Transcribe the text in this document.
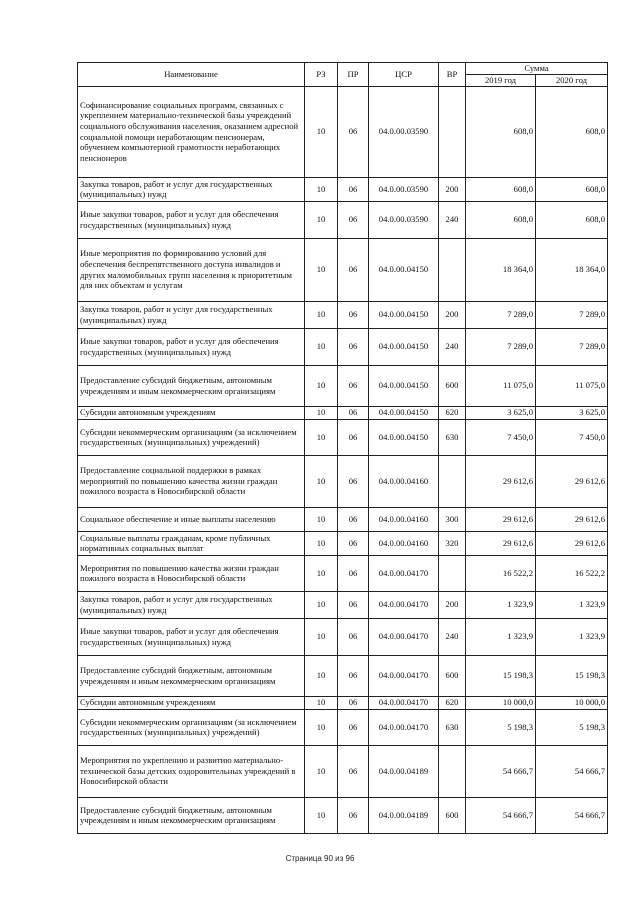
Наименование	РЗ	ПР	ЦСР	ВР	Сумма	
					2019 год	2020 год
Софинансирование социальных программ, связанных с укреплением материально-технической базы учреждений социального обслуживания населения, оказанием адресной социальной помощи неработающим пенсионерам, обучением компьютерной грамотности неработающих пенсионеров	10	06	04.0.00.03590		608,0	608,0
Закупка товаров, работ и услуг для государственных (муниципальных) нужд	10	06	04.0.00.03590	200	608,0	608,0
Иные закупки товаров, работ и услуг для обеспечения государственных (муниципальных) нужд	10	06	04.0.00.03590	240	608,0	608,0
Иные мероприятия по формированию условий для обеспечения беспрепятственного доступа инвалидов и других маломобильных групп населения к приоритетным для них объектам и услугам	10	06	04.0.00.04150		18 364,0	18 364,0
Закупка товаров, работ и услуг для государственных (муниципальных) нужд	10	06	04.0.00.04150	200	7 289,0	7 289,0
Иные закупки товаров, работ и услуг для обеспечения государственных (муниципальных) нужд	10	06	04.0.00.04150	240	7 289,0	7 289,0
Предоставление субсидий бюджетным, автономным учреждениям и иным некоммерческим организациям	10	06	04.0.00.04150	600	11 075,0	11 075,0
Субсидии автономным учреждениям	10	06	04.0.00.04150	620	3 625,0	3 625,0
Субсидии некоммерческим организациям (за исключением государственных (муниципальных) учреждений)	10	06	04.0.00.04150	630	7 450,0	7 450,0
Предоставление социальной поддержки в рамках мероприятий по повышению качества жизни граждан пожилого возраста в Новосибирской области	10	06	04.0.00.04160		29 612,6	29 612,6
Социальное обеспечение и иные выплаты населению	10	06	04.0.00.04160	300	29 612,6	29 612,6
Социальные выплаты гражданам, кроме публичных нормативных социальных выплат	10	06	04.0.00.04160	320	29 612,6	29 612,6
Мероприятия по повышению качества жизни граждан пожилого возраста в Новосибирской области	10	06	04.0.00.04170		16 522,2	16 522,2
Закупка товаров, работ и услуг для государственных (муниципальных) нужд	10	06	04.0.00.04170	200	1 323,9	1 323,9
Иные закупки товаров, работ и услуг для обеспечения государственных (муниципальных) нужд	10	06	04.0.00.04170	240	1 323,9	1 323,9
Предоставление субсидий бюджетным, автономным учреждениям и иным некоммерческим организациям	10	06	04.0.00.04170	600	15 198,3	15 198,3
Субсидии автономным учреждениям	10	06	04.0.00.04170	620	10 000,0	10 000,0
Субсидии некоммерческим организациям (за исключением государственных (муниципальных) учреждений)	10	06	04.0.00.04170	630	5 198,3	5 198,3
Мероприятия по укреплению и развитию материально-технической базы детских оздоровительных учреждений в Новосибирской области	10	06	04.0.00.04189		54 666,7	54 666,7
Предоставление субсидий бюджетным, автономным учреждениям и иным некоммерческим организациям	10	06	04.0.00.04189	600	54 666,7	54 666,7
Страница 90 из 96
